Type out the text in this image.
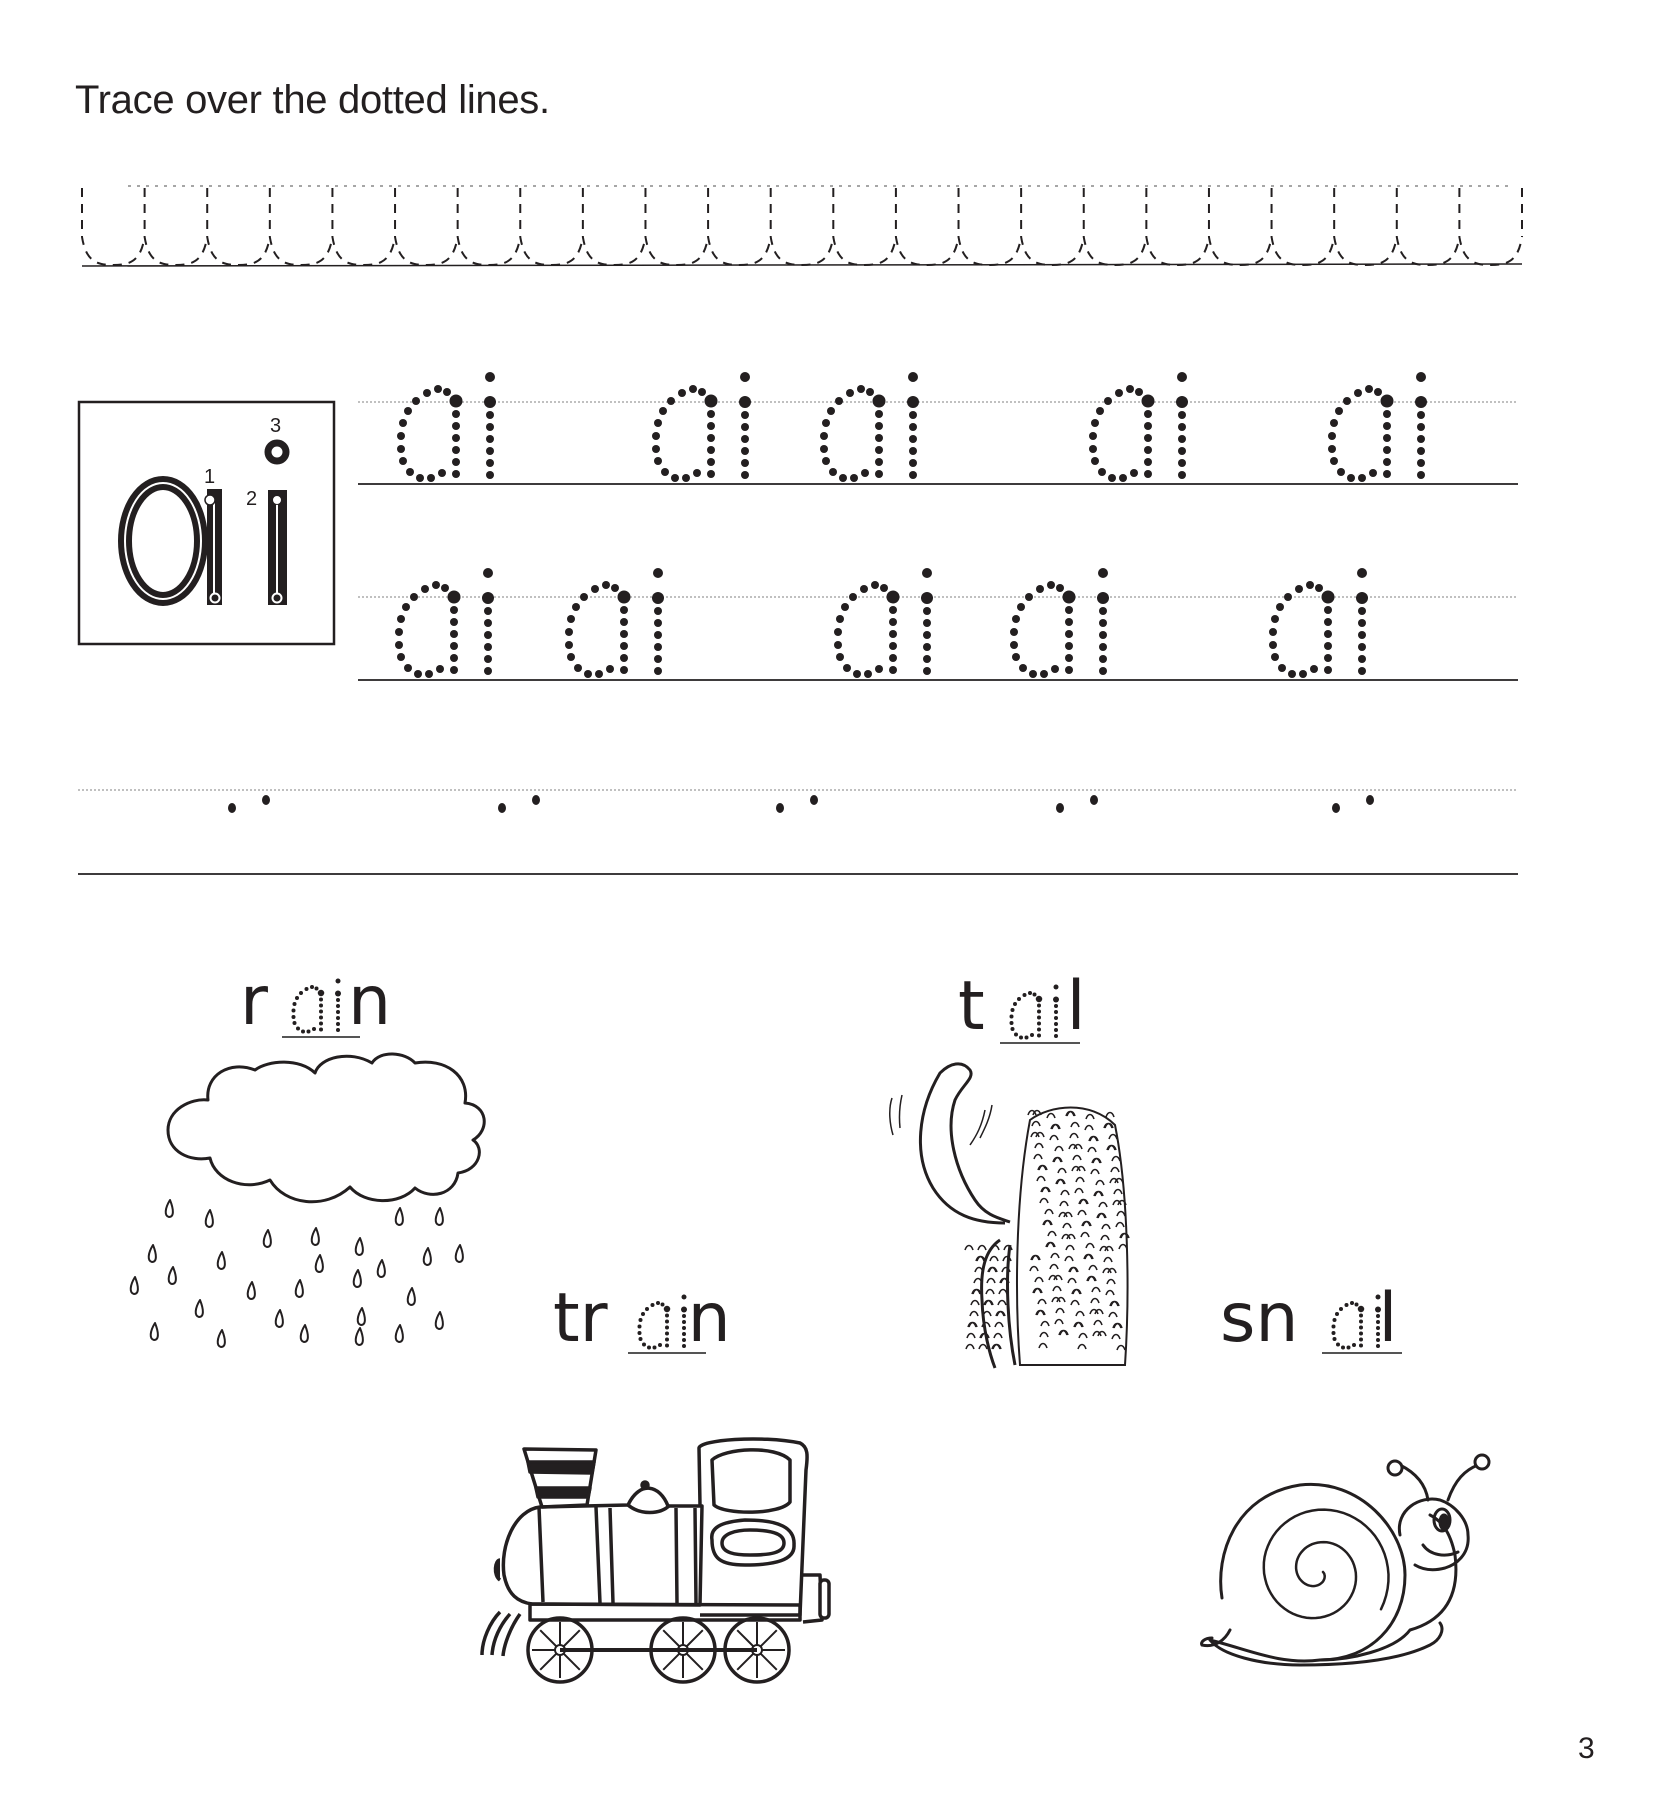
Trace over the dotted lines.
1
2
3
r n	t l
tr n	sn l
3
